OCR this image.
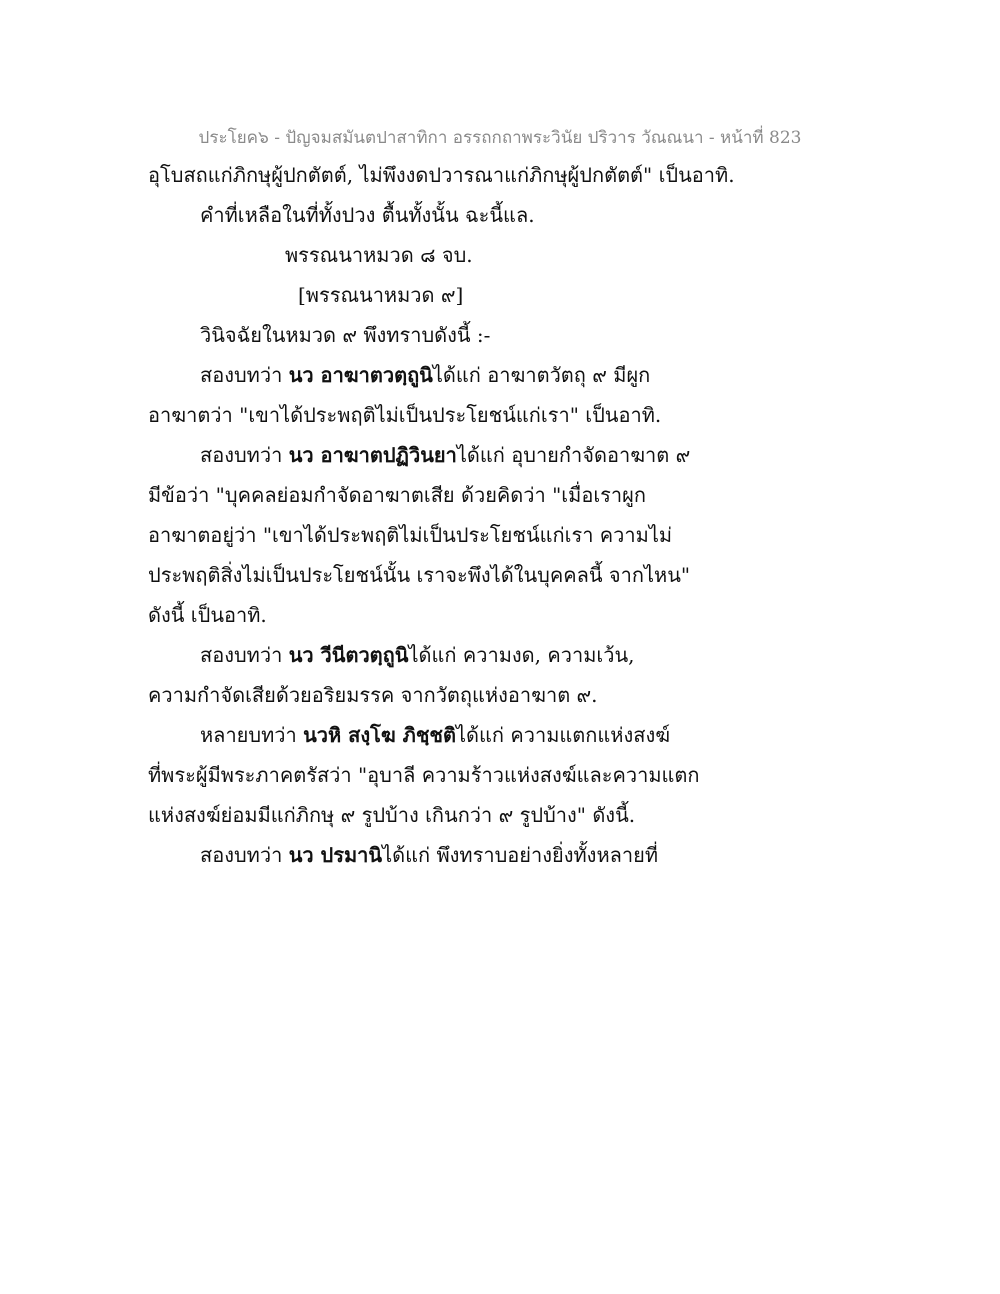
ประโยค๖ - ปัญจมสมันตปาสาทิกา อรรถกถาพระวินัย ปริวาร วัณณนา - หน้าที่ 823
อุโบสถแก่ภิกษุผู้ปกตัตต์, ไม่พึงงดปวารณาแก่ภิกษุผู้ปกตัตต์" เป็นอาทิ.
คำที่เหลือในที่ทั้งปวง ตื้นทั้งนั้น ฉะนี้แล.
พรรณนาหมวด ๘ จบ.
[พรรณนาหมวด ๙]
วินิจฉัยในหมวด ๙ พึงทราบดังนี้ :-
สองบทว่า นว อาฆาตวตฺถูนิได้แก่ อาฆาตวัตถุ ๙ มีผูก
อาฆาตว่า "เขาได้ประพฤติไม่เป็นประโยชน์แก่เรา" เป็นอาทิ.
สองบทว่า นว อาฆาตปฏิวินยาได้แก่ อุบายกำจัดอาฆาต ๙
มีข้อว่า "บุคคลย่อมกำจัดอาฆาตเสีย ด้วยคิดว่า "เมื่อเราผูก
อาฆาตอยู่ว่า "เขาได้ประพฤติไม่เป็นประโยชน์แก่เรา ความไม่
ประพฤติสิ่งไม่เป็นประโยชน์นั้น เราจะพึงได้ในบุคคลนี้ จากไหน"
ดังนี้ เป็นอาทิ.
สองบทว่า นว วีนีตวตฺถูนิได้แก่ ความงด, ความเว้น,
ความกำจัดเสียด้วยอริยมรรค จากวัตถุแห่งอาฆาต ๙.
หลายบทว่า นวหิ สงฺโฆ ภิชฺชติได้แก่ ความแตกแห่งสงฆ์
ที่พระผู้มีพระภาคตรัสว่า "อุบาลี ความร้าวแห่งสงฆ์และความแตก
แห่งสงฆ์ย่อมมีแก่ภิกษุ ๙ รูปบ้าง เกินกว่า ๙ รูปบ้าง" ดังนี้.
สองบทว่า นว ปรมานิได้แก่ พึงทราบอย่างยิ่งทั้งหลายที่
